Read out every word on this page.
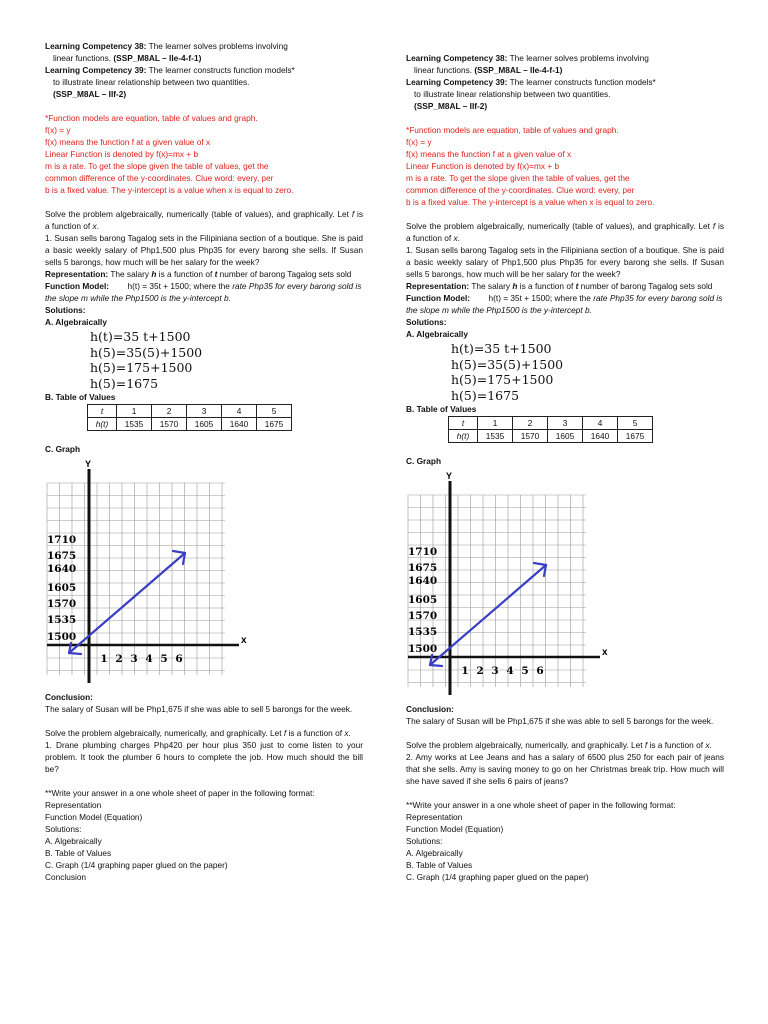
Learning Competency 38: The learner solves problems involving

linear functions. (SSP_M8AL – IIe-4-f-1)

Learning Competency 39: The learner constructs function models*

to illustrate linear relationship between two quantities.

(SSP_M8AL – IIf-2)

*Function models are equation, table of values and graph.

f(x) = y

f(x) means the function f at a given value of x

Linear Function is denoted by f(x)=mx + b

m is a rate. To get the slope given the table of values, get the

common difference of the y-coordinates. Clue word: every, per

b is a fixed value. The y-intercept is a value when x is equal to zero.

Solve the problem algebraically, numerically (table of values), and graphically. Let f is a function of x.

1. Susan sells barong Tagalog sets in the Filipiniana section of a boutique. She is paid a basic weekly salary of Php1,500 plus Php35 for every barong she sells. If Susan sells 5 barongs, how much will be her salary for the week?

Representation: The salary h is a function of t number of barong Tagalog sets sold

Function Model: h(t) = 35t + 1500; where the rate Php35 for every barong sold is the slope m while the Php1500 is the y-intercept b.

Solutions:

A. Algebraically

h(t)=35 t+1500
h(5)=35(5)+1500
h(5)=175+1500
h(5)=1675

B. Table of Values

t	1	2	3	4	5
h(t)	1535	1570	1605	1640	1675

C. Graph

Y
x
1710
1675
1640
1605
1570
1535
1500
1 2 3 4 5 6

Conclusion:

The salary of Susan will be Php1,675 if she was able to sell 5 barongs for the week.

Solve the problem algebraically, numerically, and graphically. Let f is a function of x.

1. Drane plumbing charges Php420 per hour plus 350 just to come listen to your problem. It took the plumber 6 hours to complete the job. How much should the bill be?

**Write your answer in a one whole sheet of paper in the following format:

Representation

Function Model (Equation)

Solutions:

A. Algebraically

B. Table of Values

C. Graph (1/4 graphing paper glued on the paper)

Conclusion

Learning Competency 38: The learner solves problems involving

linear functions. (SSP_M8AL – IIe-4-f-1)

Learning Competency 39: The learner constructs function models*

to illustrate linear relationship between two quantities.

(SSP_M8AL – IIf-2)

*Function models are equation, table of values and graph.

f(x) = y

f(x) means the function f at a given value of x

Linear Function is denoted by f(x)=mx + b

m is a rate. To get the slope given the table of values, get the

common difference of the y-coordinates. Clue word: every, per

b is a fixed value. The y-intercept is a value when x is equal to zero.

Solve the problem algebraically, numerically (table of values), and graphically. Let f is a function of x.

1. Susan sells barong Tagalog sets in the Filipiniana section of a boutique. She is paid a basic weekly salary of Php1,500 plus Php35 for every barong she sells. If Susan sells 5 barongs, how much will be her salary for the week?

Representation: The salary h is a function of t number of barong Tagalog sets sold

Function Model: h(t) = 35t + 1500; where the rate Php35 for every barong sold is the slope m while the Php1500 is the y-intercept b.

Solutions:

A. Algebraically

h(t)=35 t+1500
h(5)=35(5)+1500
h(5)=175+1500
h(5)=1675

B. Table of Values

t	1	2	3	4	5
h(t)	1535	1570	1605	1640	1675

C. Graph

Y
x
1710
1675
1640
1605
1570
1535
1500
1 2 3 4 5 6

Conclusion:

The salary of Susan will be Php1,675 if she was able to sell 5 barongs for the week.

Solve the problem algebraically, numerically, and graphically. Let f is a function of x.

2. Amy works at Lee Jeans and has a salary of 6500 plus 250 for each pair of jeans that she sells. Amy is saving money to go on her Christmas break trip. How much will she have saved if she sells 6 pairs of jeans?

**Write your answer in a one whole sheet of paper in the following format:

Representation

Function Model (Equation)

Solutions:

A. Algebraically

B. Table of Values

C. Graph (1/4 graphing paper glued on the paper)
